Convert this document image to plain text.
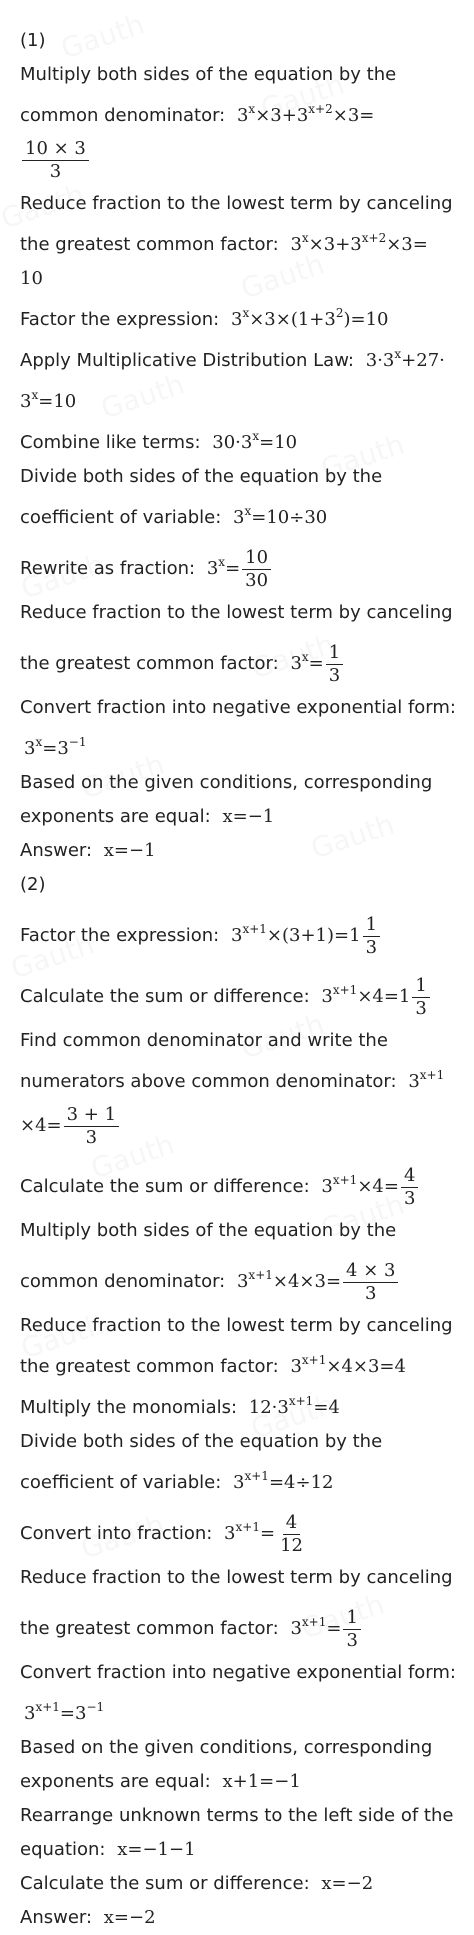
(1)
Multiply both sides of the equation by the
common denominator: $3^x\times 3+3^{x+2}\times 3=$
$\frac{10 \times 3}{3}$
Reduce fraction to the lowest term by canceling
the greatest common factor: $3^x\times 3+3^{x+2}\times 3=$
10
Factor the expression: $3^x\times 3\times(1+3^2)=10$
Apply Multiplicative Distribution Law: $3\cdot 3^x+27\cdot$
$3^x=10$
Combine like terms: $30\cdot 3^x=10$
Divide both sides of the equation by the
coefficient of variable: $3^x=10\div 30$
Rewrite as fraction: $3^x= \frac{10}{30}$
Reduce fraction to the lowest term by canceling
the greatest common factor: $3^x= \frac{1}{3}$
Convert fraction into negative exponential form:
$3^x=3^{-1}$
Based on the given conditions, corresponding
exponents are equal: x=−1
Answer: x=−1
(2)
Factor the expression: $3^{x+1}\times(3+1)=1 \frac{1}{3}$
Calculate the sum or difference: $3^{x+1}\times 4=1 \frac{1}{3}$
Find common denominator and write the
numerators above common denominator: $3^{x+1}$
$\times 4= \frac{3 + 1}{3}$
Calculate the sum or difference: $3^{x+1}\times 4= \frac{4}{3}$
Multiply both sides of the equation by the
common denominator: $3^{x+1}\times 4\times 3= \frac{4 \times 3}{3}$
Reduce fraction to the lowest term by canceling
the greatest common factor: $3^{x+1}\times 4\times 3=4$
Multiply the monomials: $12\cdot 3^{x+1}=4$
Divide both sides of the equation by the
coefficient of variable: $3^{x+1}=4\div 12$
Convert into fraction: $3^{x+1}= \frac{4}{12}$
Reduce fraction to the lowest term by canceling
the greatest common factor: $3^{x+1}= \frac{1}{3}$
Convert fraction into negative exponential form:
$3^{x+1}=3^{-1}$
Based on the given conditions, corresponding
exponents are equal: x+1=−1
Rearrange unknown terms to the left side of the
equation: x=−1−1
Calculate the sum or difference: x=−2
Answer: x=−2
